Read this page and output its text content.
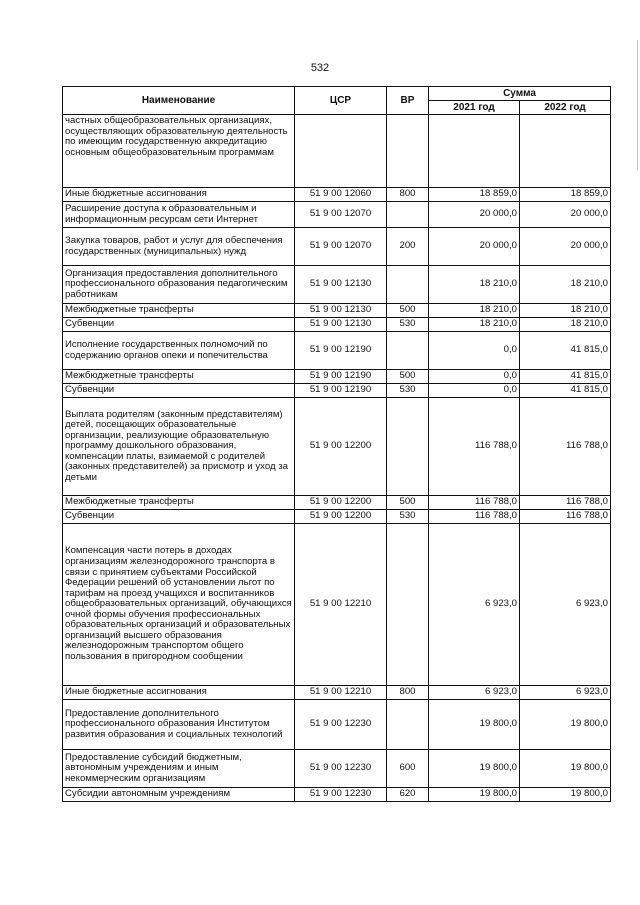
532
Наименование	ЦСР	ВР	Сумма	
			2021 год	2022 год
частных общеобразовательных организациях, осуществляющих образовательную деятельность по имеющим государственную аккредитацию основным общеобразовательным программам				
Иные бюджетные ассигнования	51 9 00 12060	800	18 859,0	18 859,0
Расширение доступа к образовательным и информационным ресурсам сети Интернет	51 9 00 12070		20 000,0	20 000,0
Закупка товаров, работ и услуг для обеспечения государственных (муниципальных) нужд	51 9 00 12070	200	20 000,0	20 000,0
Организация предоставления дополнительного профессионального образования педагогическим работникам	51 9 00 12130		18 210,0	18 210,0
Межбюджетные трансферты	51 9 00 12130	500	18 210,0	18 210,0
Субвенции	51 9 00 12130	530	18 210,0	18 210,0
Исполнение государственных полномочий по содержанию органов опеки и попечительства	51 9 00 12190		0,0	41 815,0
Межбюджетные трансферты	51 9 00 12190	500	0,0	41 815,0
Субвенции	51 9 00 12190	530	0,0	41 815,0
Выплата родителям (законным представителям) детей, посещающих образовательные организации, реализующие образовательную программу дошкольного образования, компенсации платы, взимаемой с родителей (законных представителей) за присмотр и уход за детьми	51 9 00 12200		116 788,0	116 788,0
Межбюджетные трансферты	51 9 00 12200	500	116 788,0	116 788,0
Субвенции	51 9 00 12200	530	116 788,0	116 788,0
Компенсация части потерь в доходах организациям железнодорожного транспорта в связи с принятием субъектами Российской Федерации решений об установлении льгот по тарифам на проезд учащихся и воспитанников общеобразовательных организаций, обучающихся очной формы обучения профессиональных образовательных организаций и образовательных организаций высшего образования железнодорожным транспортом общего пользования в пригородном сообщении	51 9 00 12210		6 923,0	6 923,0
Иные бюджетные ассигнования	51 9 00 12210	800	6 923,0	6 923,0
Предоставление дополнительного профессионального образования Институтом развития образования и социальных технологий	51 9 00 12230		19 800,0	19 800,0
Предоставление субсидий бюджетным, автономным учреждениям и иным некоммерческим организациям	51 9 00 12230	600	19 800,0	19 800,0
Субсидии автономным учреждениям	51 9 00 12230	620	19 800,0	19 800,0
